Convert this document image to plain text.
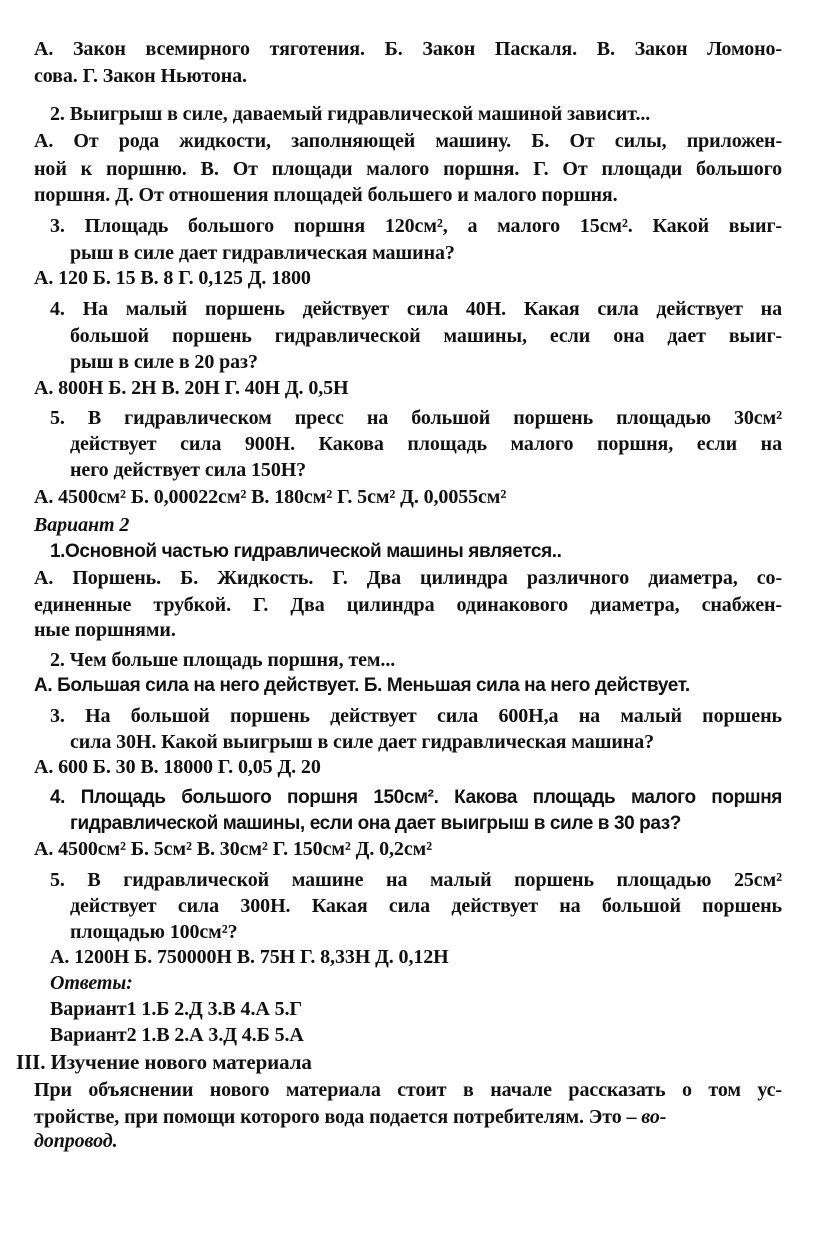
А. Закон всемирного тяготения. Б. Закон Паскаля. В. Закон Ломоно-
сова. Г. Закон Ньютона.
2. Выигрыш в силе, даваемый гидравлической машиной зависит...
А. От рода жидкости, заполняющей машину. Б. От силы, приложен-
ной к поршню. В. От площади малого поршня. Г. От площади большого
поршня. Д. От отношения площадей большего и малого поршня.
3. Площадь большого поршня 120см², а малого 15см². Какой выиг-
рыш в силе дает гидравлическая машина?
А. 120 Б. 15 В. 8 Г. 0,125 Д. 1800
4. На малый поршень действует сила 40Н. Какая сила действует на
большой поршень гидравлической машины, если она дает выиг-
рыш в силе в 20 раз?
А. 800Н Б. 2Н В. 20Н Г. 40Н Д. 0,5Н
5. В гидравлическом пресс на большой поршень площадью 30см²
действует сила 900Н. Какова площадь малого поршня, если на
него действует сила 150Н?
А. 4500см² Б. 0,00022см² В. 180см² Г. 5см² Д. 0,0055см²
Вариант 2
1.Основной частью гидравлической машины является..
А. Поршень. Б. Жидкость. Г. Два цилиндра различного диаметра, со-
единенные трубкой. Г. Два цилиндра одинакового диаметра, снабжен-
ные поршнями.
2. Чем больше площадь поршня, тем...
А. Большая сила на него действует. Б. Меньшая сила на него действует.
3. На большой поршень действует сила 600Н,а на малый поршень
сила 30Н. Какой выигрыш в силе дает гидравлическая машина?
А. 600 Б. 30 В. 18000 Г. 0,05 Д. 20
4. Площадь большого поршня 150см². Какова площадь малого поршня
гидравлической машины, если она дает выигрыш в силе в 30 раз?
А. 4500см² Б. 5см² В. 30см² Г. 150см² Д. 0,2см²
5. В гидравлической машине на малый поршень площадью 25см²
действует сила 300Н. Какая сила действует на большой поршень
площадью 100см²?
А. 1200Н Б. 750000Н В. 75Н Г. 8,33Н Д. 0,12Н
Ответы:
Вариант1 1.Б 2.Д 3.В 4.А 5.Г
Вариант2 1.В 2.А 3.Д 4.Б 5.А
III. Изучение нового материала
При объяснении нового материала стоит в начале рассказать о том ус-
тройстве, при помощи которого вода подается потребителям. Это – во-
допровод.
